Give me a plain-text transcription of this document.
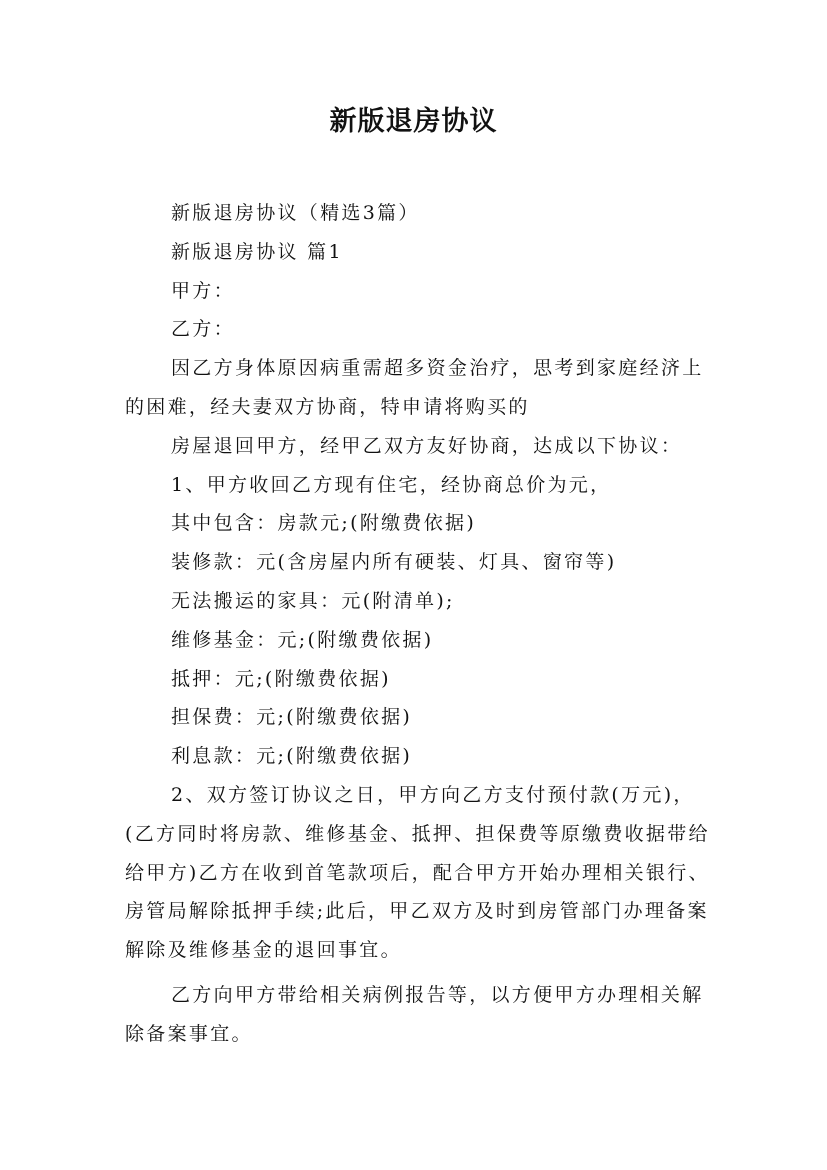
新版退房协议

新版退房协议（精选3篇）

新版退房协议 篇1

甲方：

乙方：

因乙方身体原因病重需超多资金治疗，思考到家庭经济上的困难，经夫妻双方协商，特申请将购买的

房屋退回甲方，经甲乙双方友好协商，达成以下协议：

1、甲方收回乙方现有住宅，经协商总价为元，

其中包含：房款元;(附缴费依据)

装修款：元(含房屋内所有硬装、灯具、窗帘等)

无法搬运的家具：元(附清单);

维修基金：元;(附缴费依据)

抵押：元;(附缴费依据)

担保费：元;(附缴费依据)

利息款：元;(附缴费依据)

2、双方签订协议之日，甲方向乙方支付预付款(万元)，(乙方同时将房款、维修基金、抵押、担保费等原缴费收据带给给甲方)乙方在收到首笔款项后，配合甲方开始办理相关银行、房管局解除抵押手续;此后，甲乙双方及时到房管部门办理备案解除及维修基金的退回事宜。

乙方向甲方带给相关病例报告等，以方便甲方办理相关解除备案事宜。
